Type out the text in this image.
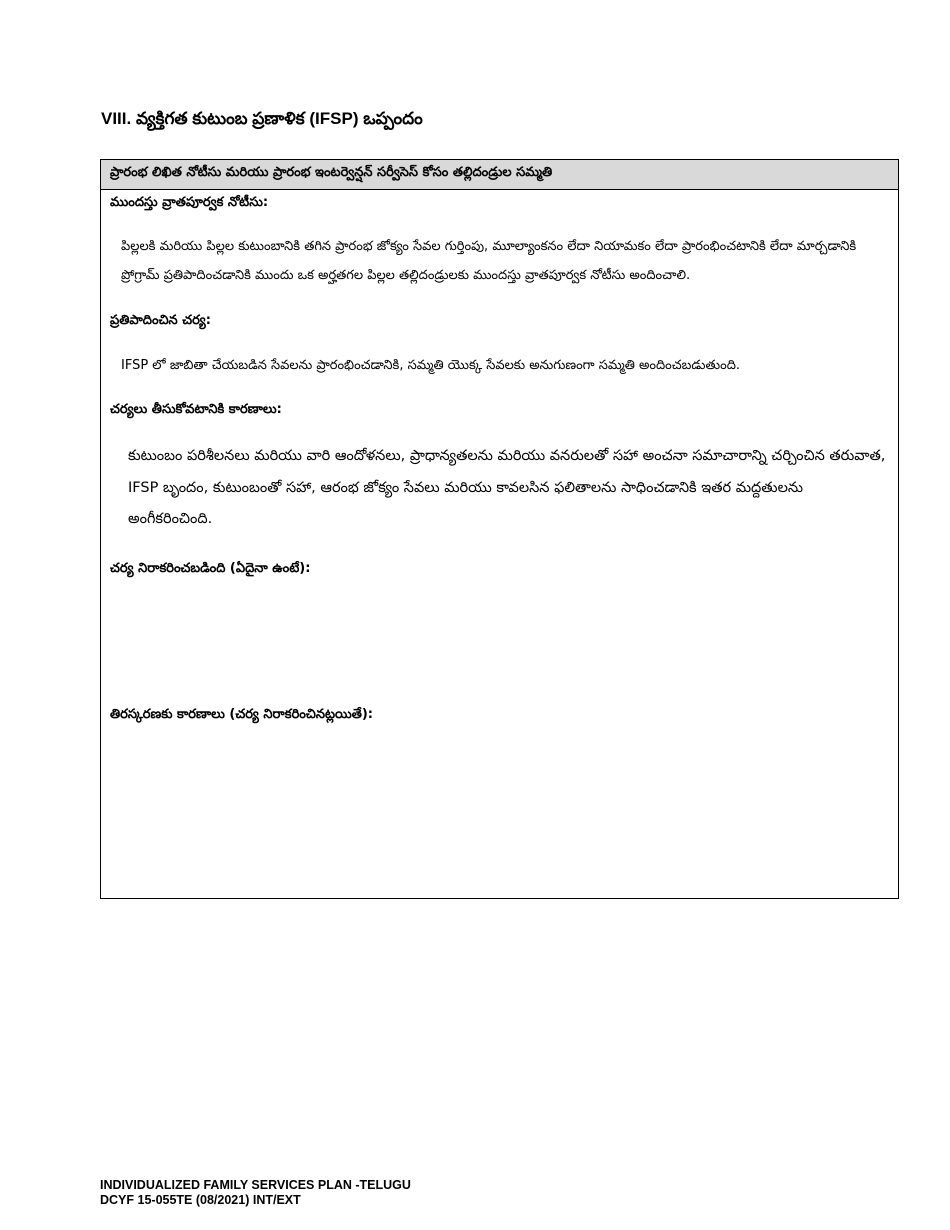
VIII. వ్యక్తిగత కుటుంబ ప్రణాళిక (IFSP) ఒప్పందం
ప్రారంభ లిఖిత నోటీసు మరియు ప్రారంభ ఇంటర్వెన్షన్ సర్వీసెస్ కోసం తల్లిదండ్రుల సమ్మతి
ముందస్తు వ్రాతపూర్వక నోటీసు:
పిల్లలకి మరియు పిల్లల కుటుంబానికి తగిన ప్రారంభ జోక్యం సేవల గుర్తింపు, మూల్యాంకనం లేదా నియామకం లేదా ప్రారంభించటానికి లేదా మార్చడానికి ప్రోగ్రామ్ ప్రతిపాదించడానికి ముందు ఒక అర్హతగల పిల్లల తల్లిదండ్రులకు ముందస్తు వ్రాతపూర్వక నోటీసు అందించాలి.
ప్రతిపాదించిన చర్య:
IFSP లో జాబితా చేయబడిన సేవలను ప్రారంభించడానికి, సమ్మతి యొక్క సేవలకు అనుగుణంగా సమ్మతి అందించబడుతుంది.
చర్యలు తీసుకోవటానికి కారణాలు:
కుటుంబం పరిశీలనలు మరియు వారి ఆందోళనలు, ప్రాధాన్యతలను మరియు వనరులతో సహా అంచనా సమాచారాన్ని చర్చించిన తరువాత, IFSP బృందం, కుటుంబంతో సహా, ఆరంభ జోక్యం సేవలు మరియు కావలసిన ఫలితాలను సాధించడానికి ఇతర మద్దతులను అంగీకరించింది.
చర్య నిరాకరించబడింది (ఏదైనా ఉంటే):
తిరస్కరణకు కారణాలు (చర్య నిరాకరించినట్లయితే):
INDIVIDUALIZED FAMILY SERVICES PLAN -TELUGU
DCYF 15-055TE (08/2021) INT/EXT
